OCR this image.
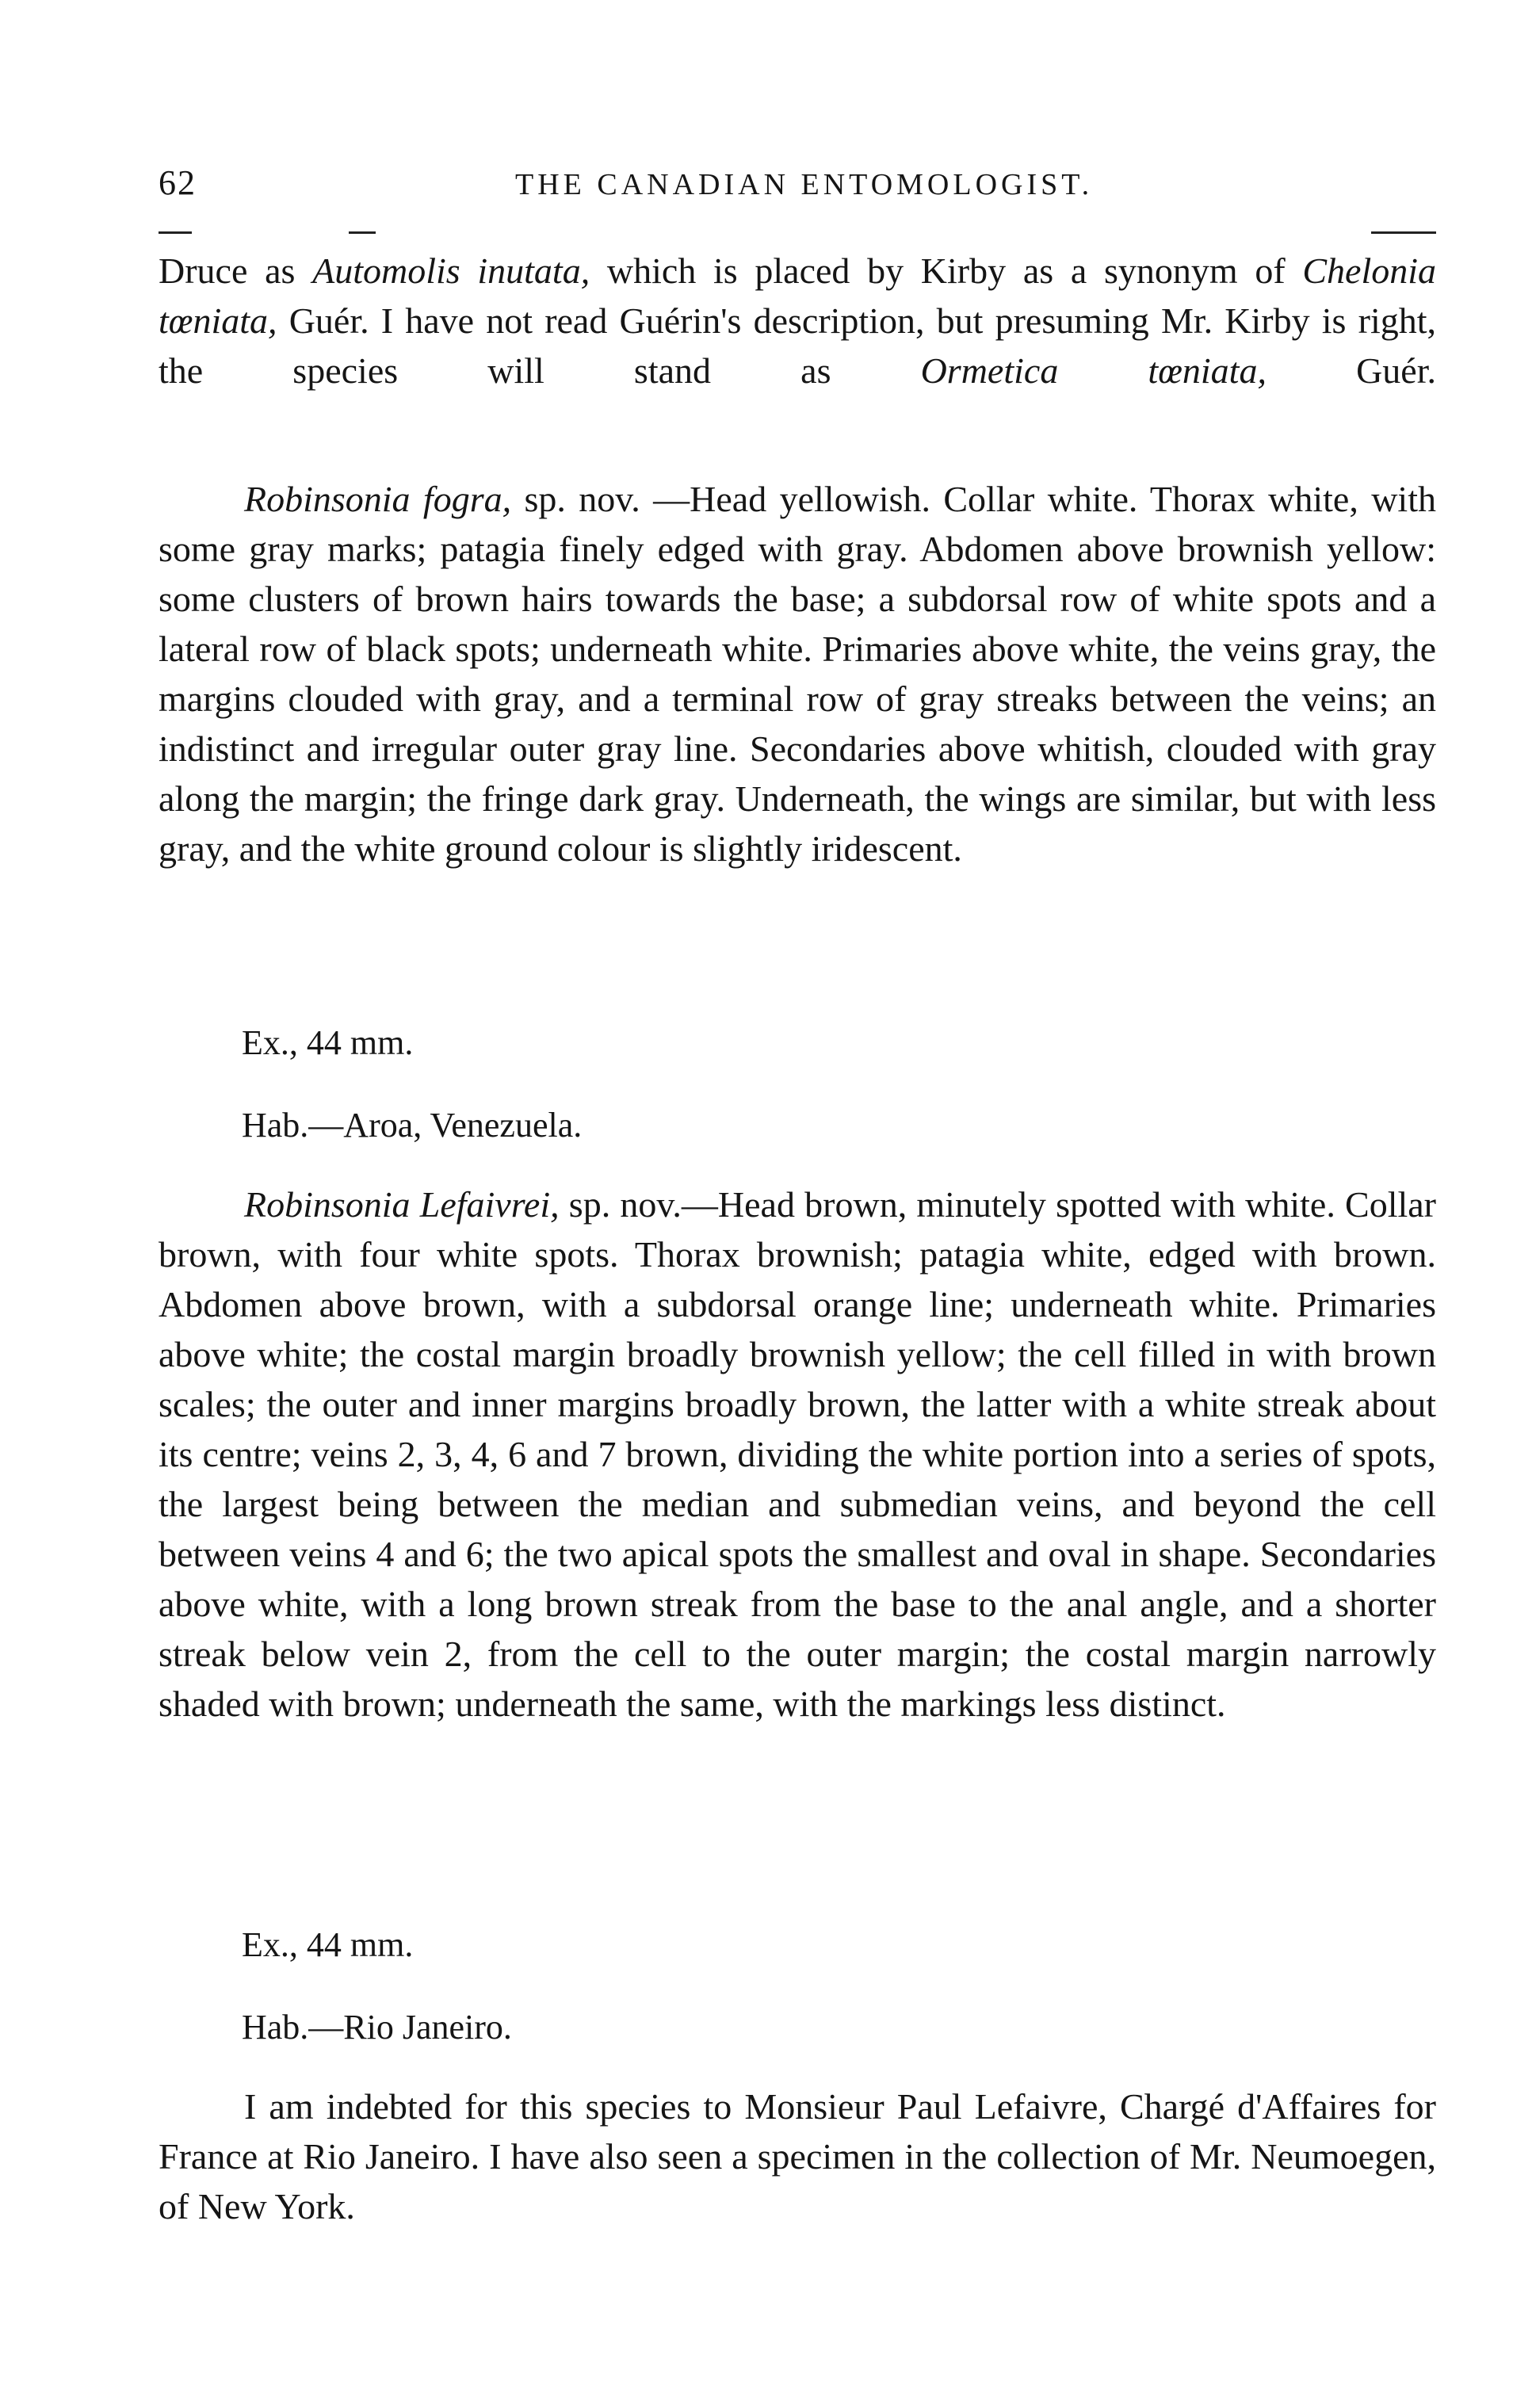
62	THE CANADIAN ENTOMOLOGIST.

Druce as Automolis inutata, which is placed by Kirby as a synonym of Chelonia tœniata, Guér. I have not read Guérin's description, but presuming Mr. Kirby is right, the species will stand as Ormetica tœniata, Guér.

Robinsonia fogra, sp. nov. —Head yellowish. Collar white. Thorax white, with some gray marks; patagia finely edged with gray. Abdomen above brownish yellow: some clusters of brown hairs towards the base; a subdorsal row of white spots and a lateral row of black spots; underneath white. Primaries above white, the veins gray, the margins clouded with gray, and a terminal row of gray streaks between the veins; an indistinct and irregular outer gray line. Secondaries above whitish, clouded with gray along the margin; the fringe dark gray. Underneath, the wings are similar, but with less gray, and the white ground colour is slightly iridescent.

Ex., 44 mm.
Hab.—Aroa, Venezuela.

Robinsonia Lefaivrei, sp. nov.—Head brown, minutely spotted with white. Collar brown, with four white spots. Thorax brownish; patagia white, edged with brown. Abdomen above brown, with a subdorsal orange line; underneath white. Primaries above white; the costal margin broadly brownish yellow; the cell filled in with brown scales; the outer and inner margins broadly brown, the latter with a white streak about its centre; veins 2, 3, 4, 6 and 7 brown, dividing the white portion into a series of spots, the largest being between the median and submedian veins, and beyond the cell between veins 4 and 6; the two apical spots the smallest and oval in shape. Secondaries above white, with a long brown streak from the base to the anal angle, and a shorter streak below vein 2, from the cell to the outer margin; the costal margin narrowly shaded with brown; underneath the same, with the markings less distinct.

Ex., 44 mm.
Hab.—Rio Janeiro.

I am indebted for this species to Monsieur Paul Lefaivre, Chargé d'Affaires for France at Rio Janeiro. I have also seen a specimen in the collection of Mr. Neumoegen, of New York.
